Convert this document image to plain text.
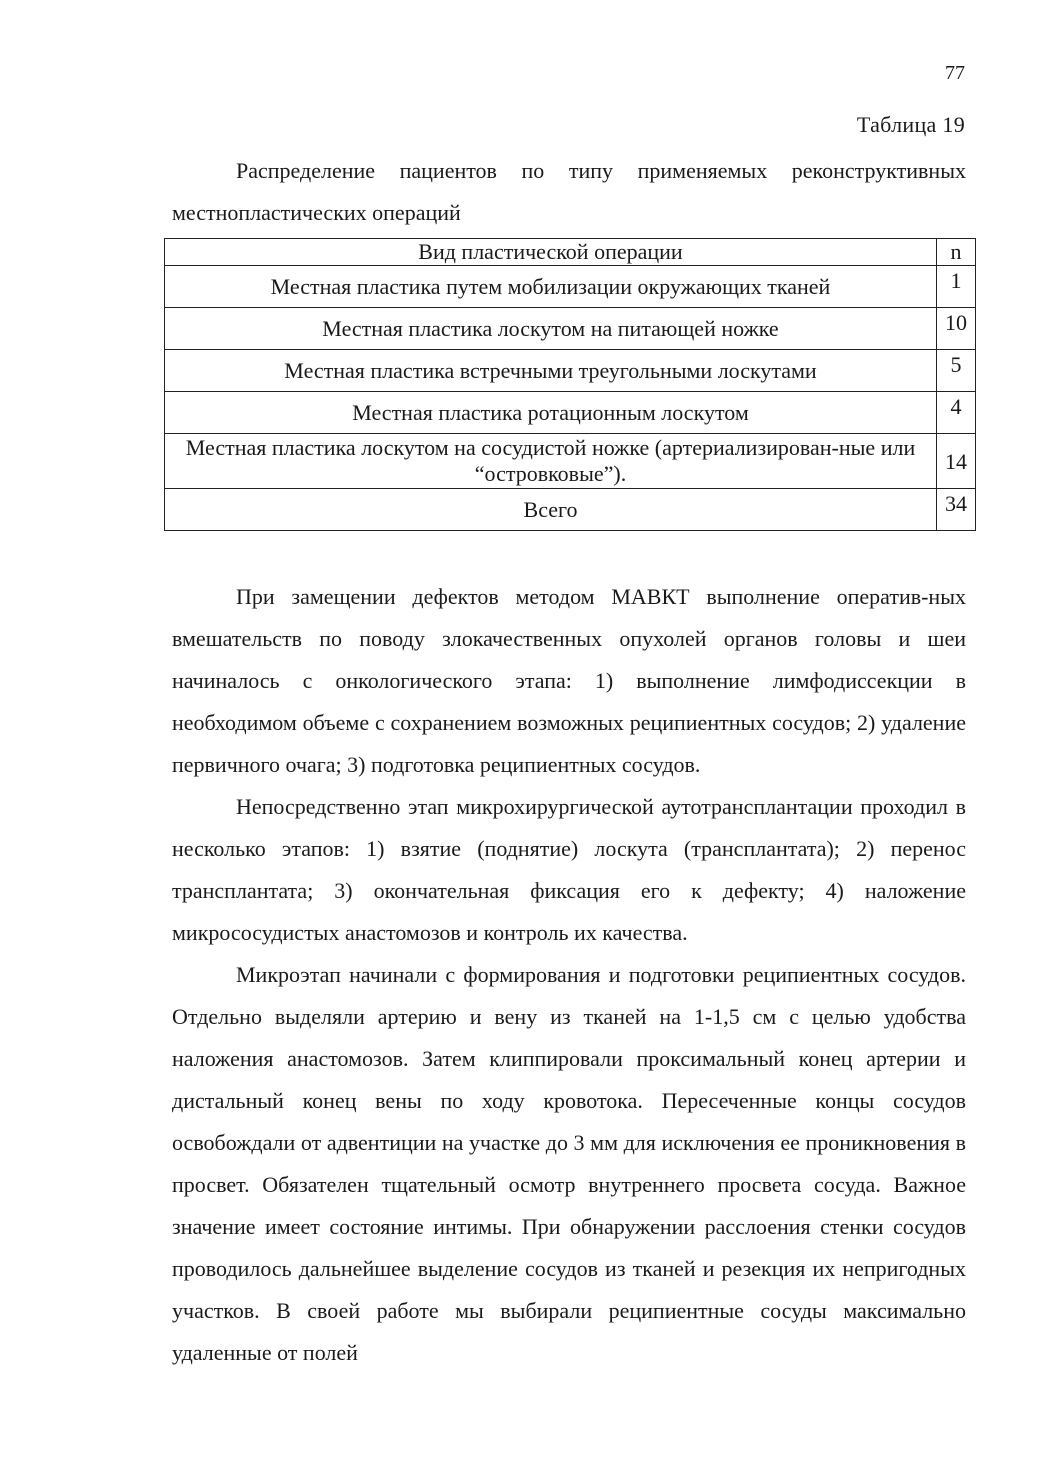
77
Таблица 19

Распределение пациентов по типу применяемых реконструктивных местнопластических операций

Вид пластической операции	n
Местная пластика путем мобилизации окружающих тканей	1
Местная пластика лоскутом на питающей ножке	10
Местная пластика встречными треугольными лоскутами	5
Местная пластика ротационным лоскутом	4
Местная пластика лоскутом на сосудистой ножке (артериализирован-ные или “островковые”).	14
Всего	34

При замещении дефектов методом МАВКТ выполнение оператив-ных вмешательств по поводу злокачественных опухолей органов головы и шеи начиналось с онкологического этапа: 1) выполнение лимфодиссекции в необходимом объеме с сохранением возможных реципиентных сосудов; 2) удаление первичного очага; 3) подготовка реципиентных сосудов.

Непосредственно этап микрохирургической аутотрансплантации проходил в несколько этапов: 1) взятие (поднятие) лоскута (трансплантата); 2) перенос трансплантата; 3) окончательная фиксация его к дефекту; 4) наложение микрососудистых анастомозов и контроль их качества.

Микроэтап начинали с формирования и подготовки реципиентных сосудов. Отдельно выделяли артерию и вену из тканей на 1-1,5 см с целью удобства наложения анастомозов. Затем клиппировали проксимальный конец артерии и дистальный конец вены по ходу кровотока. Пересеченные концы сосудов освобождали от адвентиции на участке до 3 мм для исключения ее проникновения в просвет. Обязателен тщательный осмотр внутреннего просвета сосуда. Важное значение имеет состояние интимы. При обнаружении расслоения стенки сосудов проводилось дальнейшее выделение сосудов из тканей и резекция их непригодных участков. В своей работе мы выбирали реципиентные сосуды максимально удаленные от полей
